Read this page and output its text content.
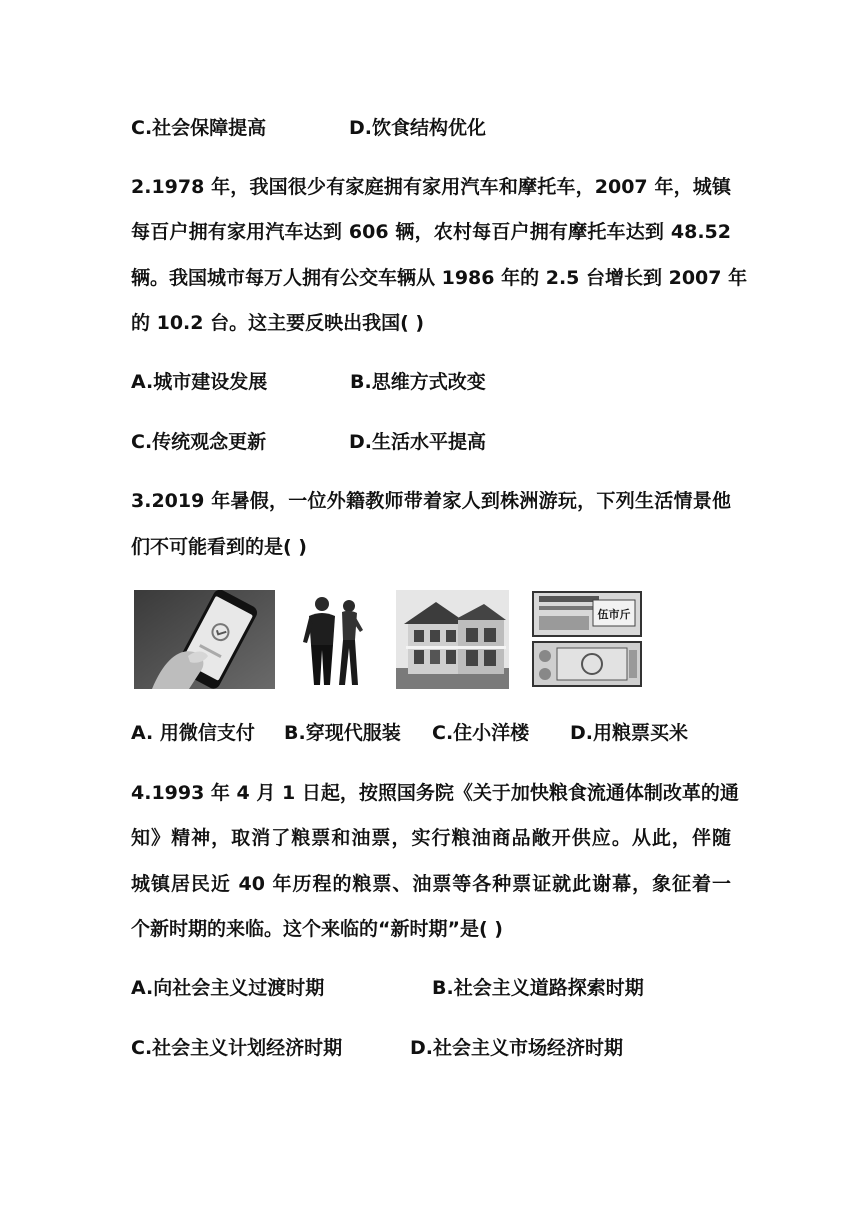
C.社会保障提高	D.饮食结构优化
2.1978 年，我国很少有家庭拥有家用汽车和摩托车，2007 年，城镇
每百户拥有家用汽车达到 606 辆，农村每百户拥有摩托车达到 48.52
辆。我国城市每万人拥有公交车辆从 1986 年的 2.5 台增长到 2007 年
的 10.2 台。这主要反映出我国( )
A.城市建设发展	B.思维方式改变
C.传统观念更新	D.生活水平提高
3.2019 年暑假，一位外籍教师带着家人到株洲游玩，下列生活情景他
们不可能看到的是( )
伍市斤
A. 用微信支付 B.穿现代服装 C.住小洋楼 D.用粮票买米
4.1993 年 4 月 1 日起，按照国务院《关于加快粮食流通体制改革的通
知》精神，取消了粮票和油票，实行粮油商品敞开供应。从此，伴随
城镇居民近 40 年历程的粮票、油票等各种票证就此谢幕，象征着一
个新时期的来临。这个来临的“新时期”是( )
A.向社会主义过渡时期	B.社会主义道路探索时期
C.社会主义计划经济时期	D.社会主义市场经济时期
